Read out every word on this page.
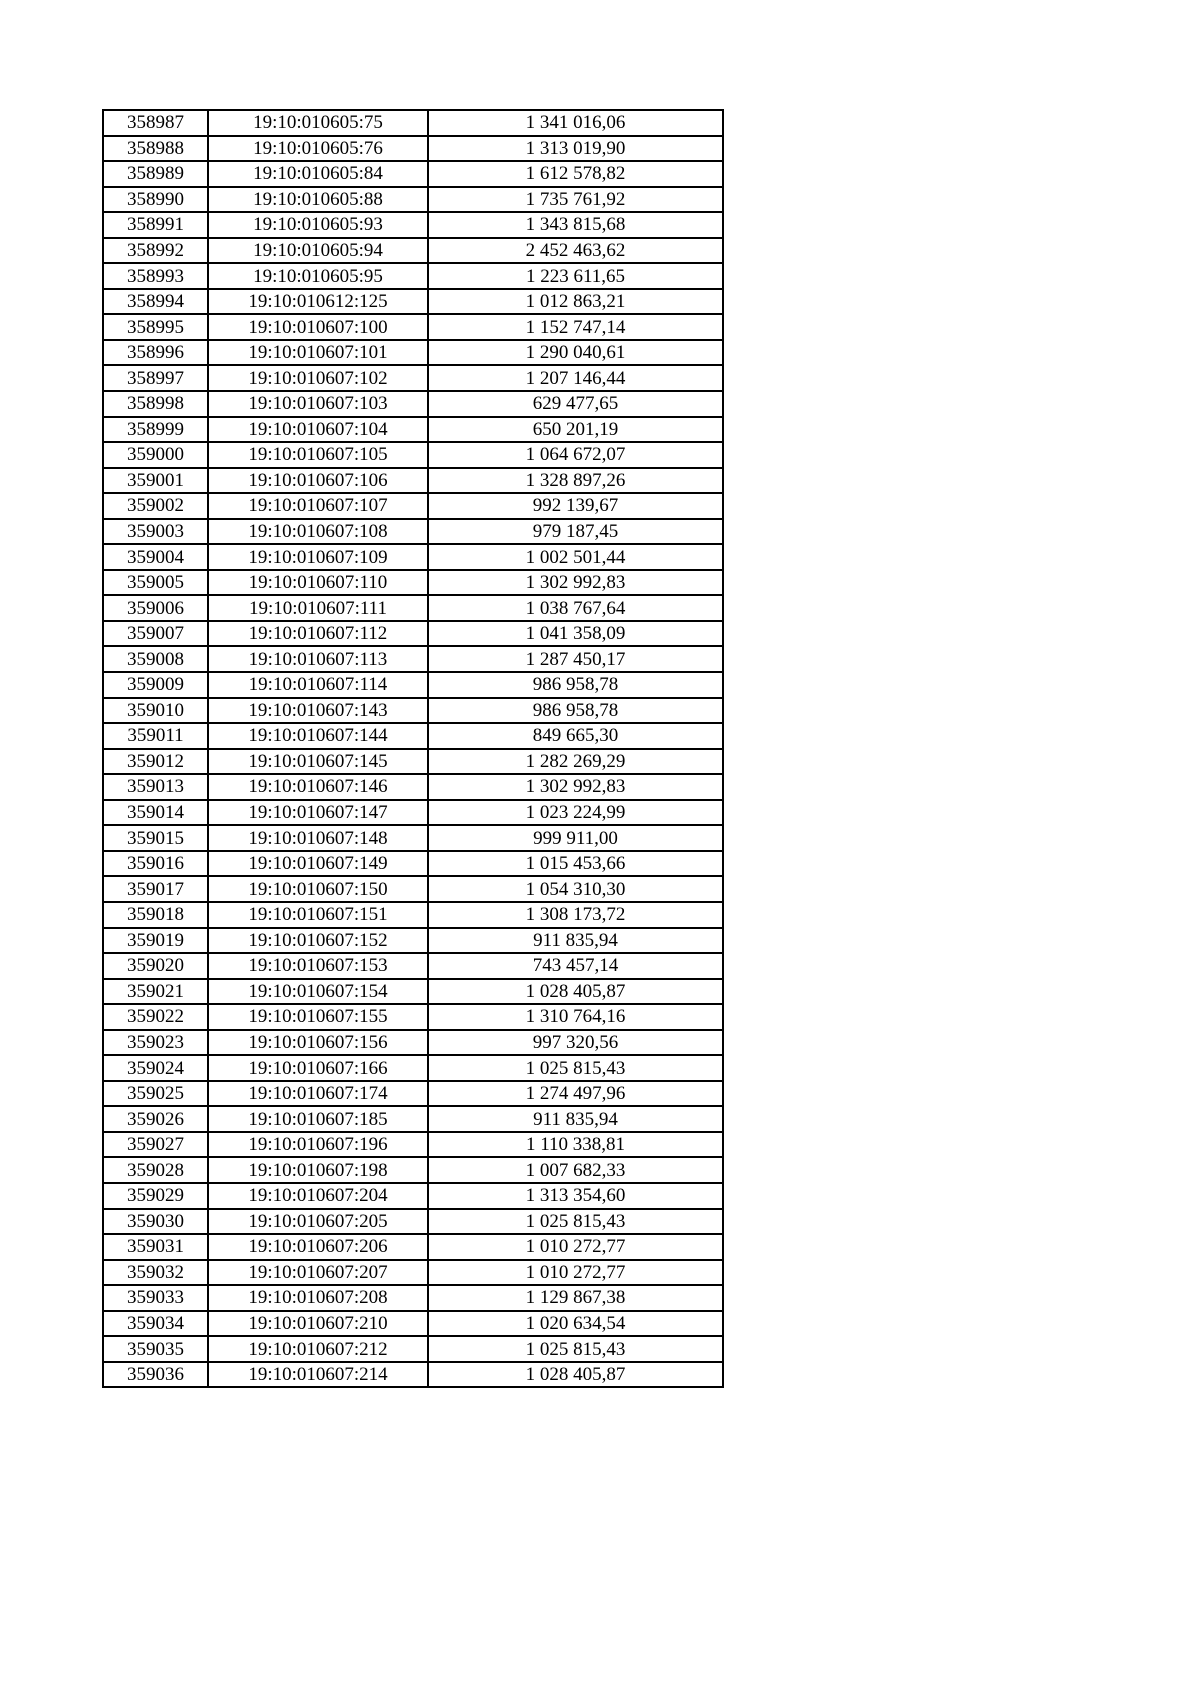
358987	19:10:010605:75	1 341 016,06
358988	19:10:010605:76	1 313 019,90
358989	19:10:010605:84	1 612 578,82
358990	19:10:010605:88	1 735 761,92
358991	19:10:010605:93	1 343 815,68
358992	19:10:010605:94	2 452 463,62
358993	19:10:010605:95	1 223 611,65
358994	19:10:010612:125	1 012 863,21
358995	19:10:010607:100	1 152 747,14
358996	19:10:010607:101	1 290 040,61
358997	19:10:010607:102	1 207 146,44
358998	19:10:010607:103	629 477,65
358999	19:10:010607:104	650 201,19
359000	19:10:010607:105	1 064 672,07
359001	19:10:010607:106	1 328 897,26
359002	19:10:010607:107	992 139,67
359003	19:10:010607:108	979 187,45
359004	19:10:010607:109	1 002 501,44
359005	19:10:010607:110	1 302 992,83
359006	19:10:010607:111	1 038 767,64
359007	19:10:010607:112	1 041 358,09
359008	19:10:010607:113	1 287 450,17
359009	19:10:010607:114	986 958,78
359010	19:10:010607:143	986 958,78
359011	19:10:010607:144	849 665,30
359012	19:10:010607:145	1 282 269,29
359013	19:10:010607:146	1 302 992,83
359014	19:10:010607:147	1 023 224,99
359015	19:10:010607:148	999 911,00
359016	19:10:010607:149	1 015 453,66
359017	19:10:010607:150	1 054 310,30
359018	19:10:010607:151	1 308 173,72
359019	19:10:010607:152	911 835,94
359020	19:10:010607:153	743 457,14
359021	19:10:010607:154	1 028 405,87
359022	19:10:010607:155	1 310 764,16
359023	19:10:010607:156	997 320,56
359024	19:10:010607:166	1 025 815,43
359025	19:10:010607:174	1 274 497,96
359026	19:10:010607:185	911 835,94
359027	19:10:010607:196	1 110 338,81
359028	19:10:010607:198	1 007 682,33
359029	19:10:010607:204	1 313 354,60
359030	19:10:010607:205	1 025 815,43
359031	19:10:010607:206	1 010 272,77
359032	19:10:010607:207	1 010 272,77
359033	19:10:010607:208	1 129 867,38
359034	19:10:010607:210	1 020 634,54
359035	19:10:010607:212	1 025 815,43
359036	19:10:010607:214	1 028 405,87
